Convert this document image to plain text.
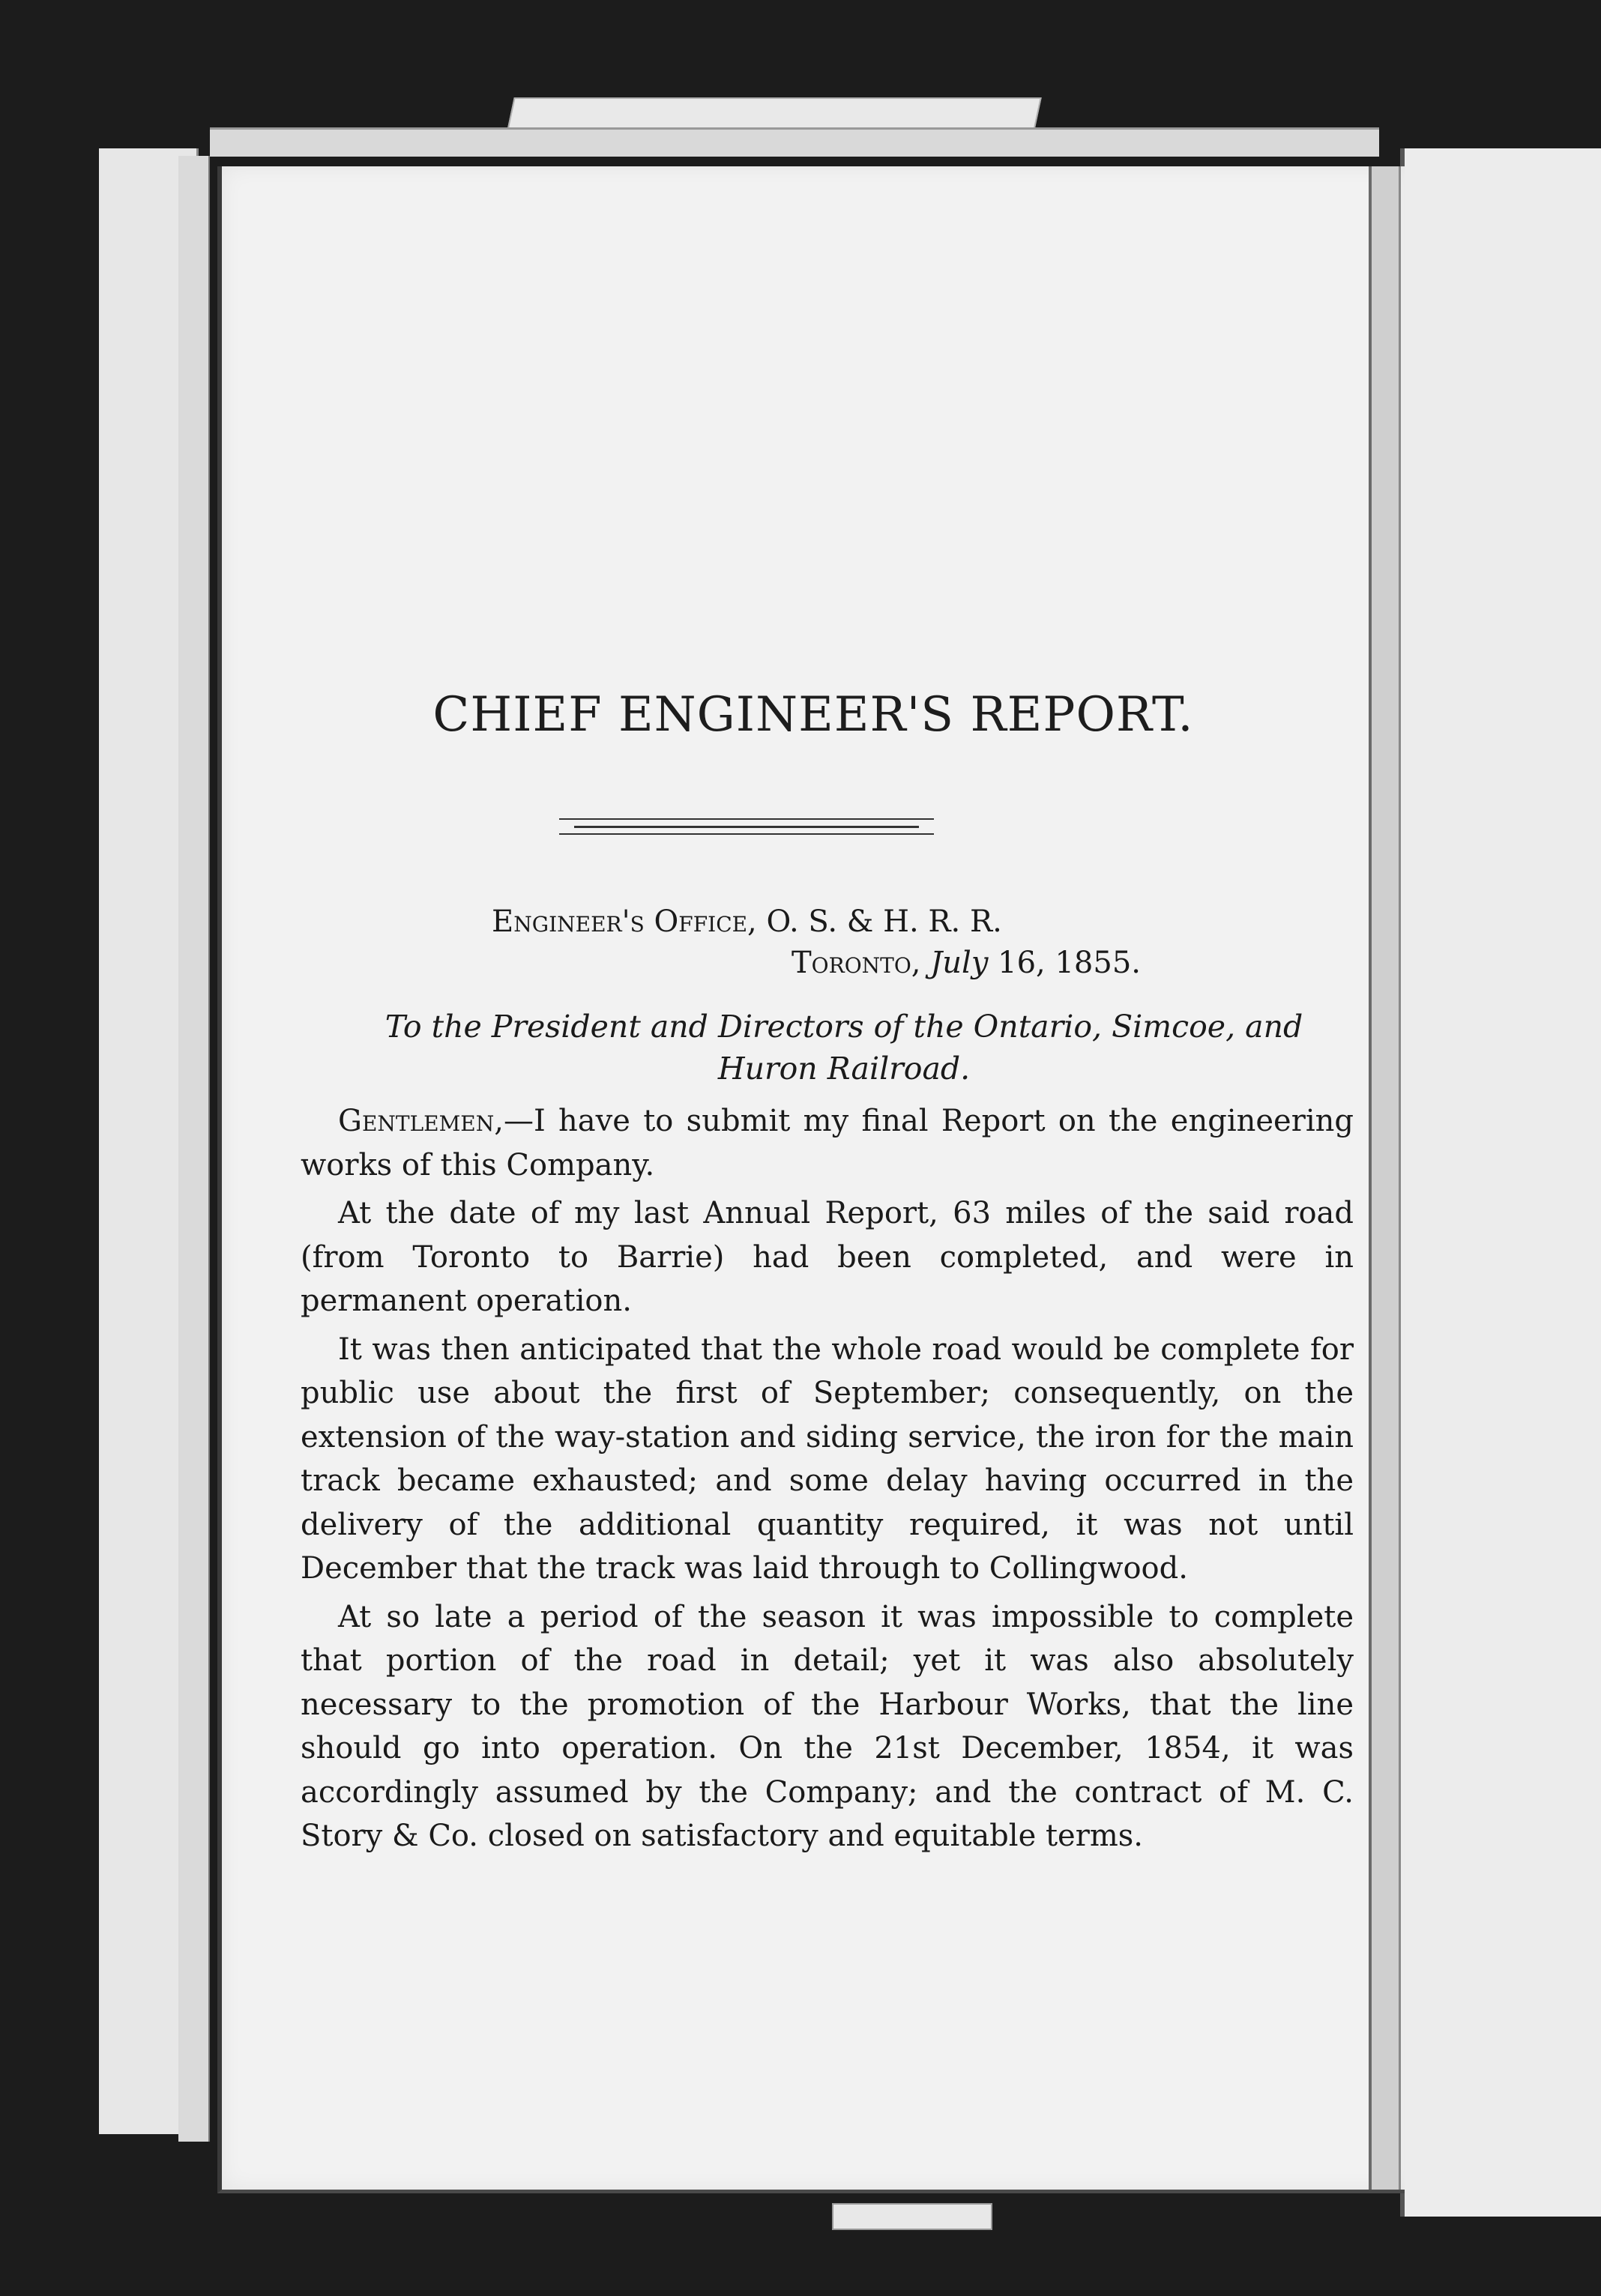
CHIEF ENGINEER'S REPORT.
Engineer's Office, O. S. & H. R. R.
Toronto, July 16, 1855.
To the President and Directors of the Ontario, Simcoe, and
Huron Railroad.

Gentlemen,—I have to submit my final Report on the engineering works of this Company.

At the date of my last Annual Report, 63 miles of the said road (from Toronto to Barrie) had been completed, and were in permanent operation.

It was then anticipated that the whole road would be complete for public use about the first of September; consequently, on the extension of the way-station and siding service, the iron for the main track became exhausted; and some delay having occurred in the delivery of the additional quantity required, it was not until December that the track was laid through to Collingwood.

At so late a period of the season it was impossible to complete that portion of the road in detail; yet it was also absolutely necessary to the promotion of the Harbour Works, that the line should go into operation. On the 21st December, 1854, it was accordingly assumed by the Company; and the contract of M. C. Story & Co. closed on satisfactory and equitable terms.
